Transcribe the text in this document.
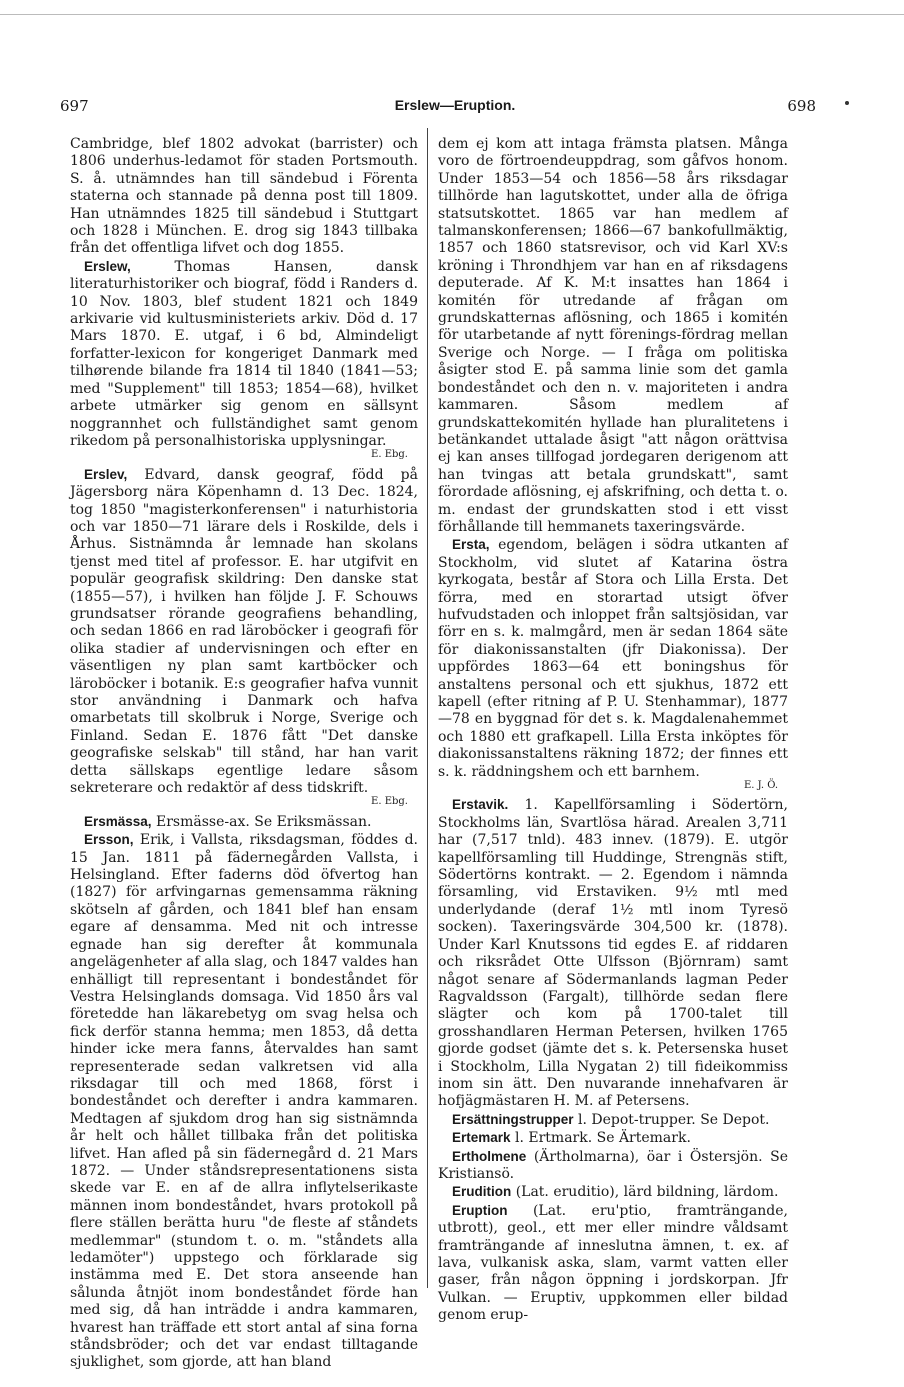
697	Erslew—Eruption.	698

Cambridge, blef 1802 advokat (barrister) och 1806 underhus-ledamot för staden Portsmouth. S. å. utnämndes han till sändebud i Förenta staterna och stannade på denna post till 1809. Han utnämndes 1825 till sändebud i Stuttgart och 1828 i München. E. drog sig 1843 tillbaka från det offentliga lifvet och dog 1855.

Erslew, Thomas Hansen, dansk literaturhistoriker och biograf, född i Randers d. 10 Nov. 1803, blef student 1821 och 1849 arkivarie vid kultusministeriets arkiv. Död d. 17 Mars 1870. E. utgaf, i 6 bd, Almindeligt forfatter-lexicon for kongeriget Danmark med tilhørende bilande fra 1814 til 1840 (1841—53; med "Supplement" till 1853; 1854—68), hvilket arbete utmärker sig genom en sällsynt noggrannhet och fullständighet samt genom rikedom på personalhistoriska upplysningar.

E. Ebg.

Erslev, Edvard, dansk geograf, född på Jägersborg nära Köpenhamn d. 13 Dec. 1824, tog 1850 "magisterkonferensen" i naturhistoria och var 1850—71 lärare dels i Roskilde, dels i Århus. Sistnämnda år lemnade han skolans tjenst med titel af professor. E. har utgifvit en populär geografisk skildring: Den danske stat (1855—57), i hvilken han följde J. F. Schouws grundsatser rörande geografiens behandling, och sedan 1866 en rad läroböcker i geografi för olika stadier af undervisningen och efter en väsentligen ny plan samt kartböcker och läroböcker i botanik. E:s geografier hafva vunnit stor användning i Danmark och hafva omarbetats till skolbruk i Norge, Sverige och Finland. Sedan E. 1876 fått "Det danske geografiske selskab" till stånd, har han varit detta sällskaps egentlige ledare såsom sekreterare och redaktör af dess tidskrift.

E. Ebg.

Ersmässa, Ersmässe-ax. Se Eriksmässan.

Ersson, Erik, i Vallsta, riksdagsman, föddes d. 15 Jan. 1811 på fädernegården Vallsta, i Helsingland. Efter faderns död öfvertog han (1827) för arfvingarnas gemensamma räkning skötseln af gården, och 1841 blef han ensam egare af densamma. Med nit och intresse egnade han sig derefter åt kommunala angelägenheter af alla slag, och 1847 valdes han enhälligt till representant i bondeståndet för Vestra Helsinglands domsaga. Vid 1850 års val företedde han läkarebetyg om svag helsa och fick derför stanna hemma; men 1853, då detta hinder icke mera fanns, återvaldes han samt representerade sedan valkretsen vid alla riksdagar till och med 1868, först i bondeståndet och derefter i andra kammaren. Medtagen af sjukdom drog han sig sistnämnda år helt och hållet tillbaka från det politiska lifvet. Han afled på sin fädernegård d. 21 Mars 1872. — Under ståndsrepresentationens sista skede var E. en af de allra inflytelserikaste männen inom bondeståndet, hvars protokoll på flere ställen berätta huru "de fleste af ståndets medlemmar" (stundom t. o. m. "ståndets alla ledamöter") uppstego och förklarade sig instämma med E. Det stora anseende han sålunda åtnjöt inom bondeståndet förde han med sig, då han inträdde i andra kammaren, hvarest han träffade ett stort antal af sina forna ståndsbröder; och det var endast tilltagande sjuklighet, som gjorde, att han bland

dem ej kom att intaga främsta platsen. Många voro de förtroendeuppdrag, som gåfvos honom. Under 1853—54 och 1856—58 års riksdagar tillhörde han lagutskottet, under alla de öfriga statsutskottet. 1865 var han medlem af talmanskonferensen; 1866—67 bankofullmäktig, 1857 och 1860 statsrevisor, och vid Karl XV:s kröning i Throndhjem var han en af riksdagens deputerade. Af K. M:t insattes han 1864 i komitén för utredande af frågan om grundskatternas aflösning, och 1865 i komitén för utarbetande af nytt förenings-fördrag mellan Sverige och Norge. — I fråga om politiska åsigter stod E. på samma linie som det gamla bondeståndet och den n. v. majoriteten i andra kammaren. Såsom medlem af grundskattekomitén hyllade han pluralitetens i betänkandet uttalade åsigt "att någon orättvisa ej kan anses tillfogad jordegaren derigenom att han tvingas att betala grundskatt", samt förordade aflösning, ej afskrifning, och detta t. o. m. endast der grundskatten stod i ett visst förhållande till hemmanets taxeringsvärde.

Ersta, egendom, belägen i södra utkanten af Stockholm, vid slutet af Katarina östra kyrkogata, består af Stora och Lilla Ersta. Det förra, med en storartad utsigt öfver hufvudstaden och inloppet från saltsjösidan, var förr en s. k. malmgård, men är sedan 1864 säte för diakonissanstalten (jfr Diakonissa). Der uppfördes 1863—64 ett boningshus för anstaltens personal och ett sjukhus, 1872 ett kapell (efter ritning af P. U. Stenhammar), 1877—78 en byggnad för det s. k. Magdalenahemmet och 1880 ett grafkapell. Lilla Ersta inköptes för diakonissanstaltens räkning 1872; der finnes ett s. k. räddningshem och ett barnhem.

E. J. Ö.

Erstavik. 1. Kapellförsamling i Södertörn, Stockholms län, Svartlösa härad. Arealen 3,711 har (7,517 tnld). 483 innev. (1879). E. utgör kapellförsamling till Huddinge, Strengnäs stift, Södertörns kontrakt. — 2. Egendom i nämnda församling, vid Erstaviken. 9½ mtl med underlydande (deraf 1½ mtl inom Tyresö socken). Taxeringsvärde 304,500 kr. (1878). Under Karl Knutssons tid egdes E. af riddaren och riksrådet Otte Ulfsson (Björnram) samt något senare af Södermanlands lagman Peder Ragvaldsson (Fargalt), tillhörde sedan flere slägter och kom på 1700-talet till grosshandlaren Herman Petersen, hvilken 1765 gjorde godset (jämte det s. k. Petersenska huset i Stockholm, Lilla Nygatan 2) till fideikommiss inom sin ätt. Den nuvarande innehafvaren är hofjägmästaren H. M. af Petersens.

Ersättningstrupper l. Depot-trupper. Se Depot.

Ertemark l. Ertmark. Se Ärtemark.

Ertholmene (Ärtholmarna), öar i Östersjön. Se Kristiansö.

Erudition (Lat. eruditio), lärd bildning, lärdom.

Eruption (Lat. eru'ptio, framträngande, utbrott), geol., ett mer eller mindre våldsamt framträngande af inneslutna ämnen, t. ex. af lava, vulkanisk aska, slam, varmt vatten eller gaser, från någon öppning i jordskorpan. Jfr Vulkan. — Eruptiv, uppkommen eller bildad genom erup-
